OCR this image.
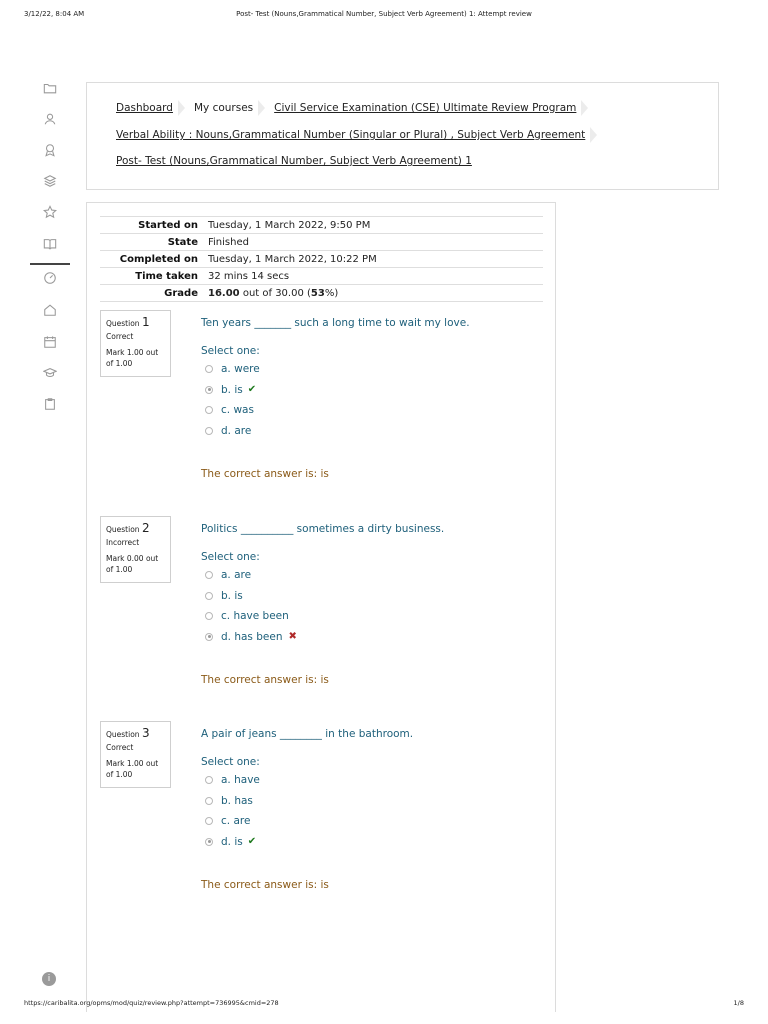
3/12/22, 8:04 AM	Post- Test (Nouns,Grammatical Number, Subject Verb Agreement) 1: Attempt review
Dashboard My courses Civil Service Examination (CSE) Ultimate Review Program
Verbal Ability : Nouns,Grammatical Number (Singular or Plural) , Subject Verb Agreement
Post- Test (Nouns,Grammatical Number, Subject Verb Agreement) 1
Started on	Tuesday, 1 March 2022, 9:50 PM
State	Finished
Completed on	Tuesday, 1 March 2022, 10:22 PM
Time taken	32 mins 14 secs
Grade	16.00 out of 30.00 (53%)
Question 1
Correct
Mark 1.00 out of 1.00
Ten years _______ such a long time to wait my love.
Select one:
a. were
b. is ✔
c. was
d. are
The correct answer is: is
Question 2
Incorrect
Mark 0.00 out of 1.00
Politics __________ sometimes a dirty business.
Select one:
a. are
b. is
c. have been
d. has been ✖
The correct answer is: is
Question 3
Correct
Mark 1.00 out of 1.00
A pair of jeans ________ in the bathroom.
Select one:
a. have
b. has
c. are
d. is ✔
The correct answer is: is
i
https://caribalita.org/opms/mod/quiz/review.php?attempt=736995&cmid=278	1/8
